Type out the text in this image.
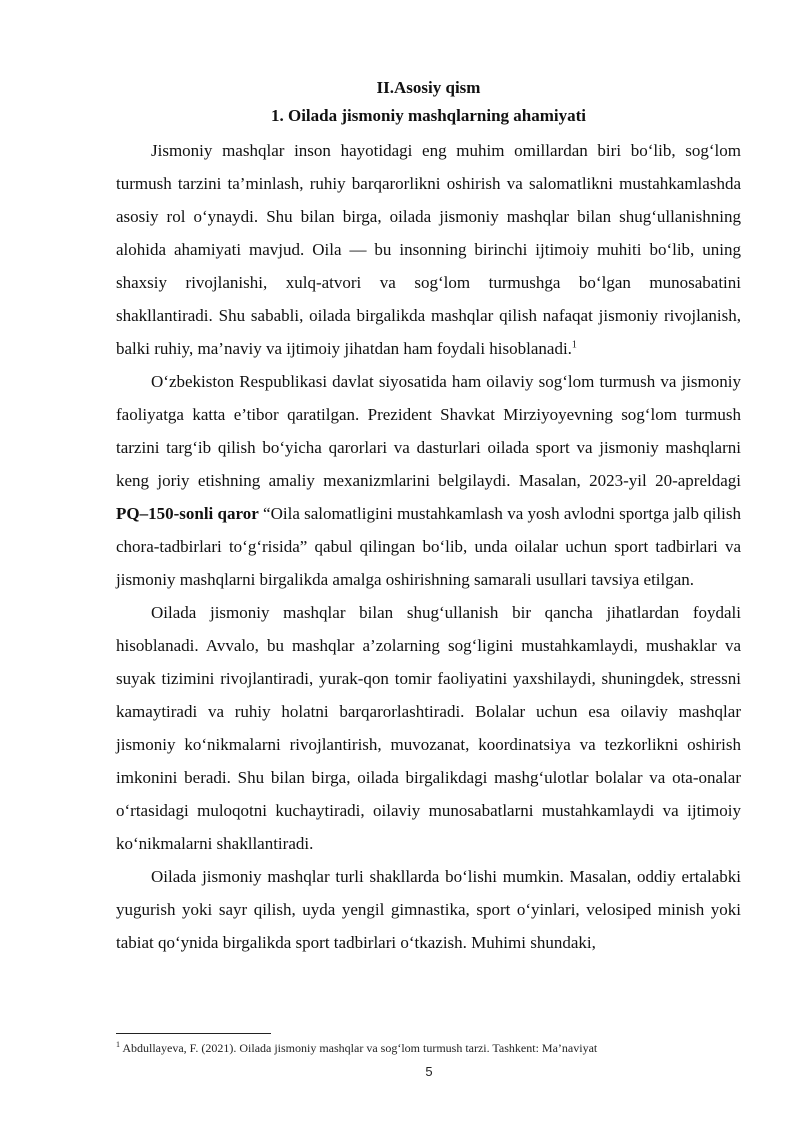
II.Asosiy qism
1. Oilada jismoniy mashqlarning ahamiyati

Jismoniy mashqlar inson hayotidagi eng muhim omillardan biri bo‘lib, sog‘lom turmush tarzini ta’minlash, ruhiy barqarorlikni oshirish va salomatlikni mustahkamlashda asosiy rol o‘ynaydi. Shu bilan birga, oilada jismoniy mashqlar bilan shug‘ullanishning alohida ahamiyati mavjud. Oila — bu insonning birinchi ijtimoiy muhiti bo‘lib, uning shaxsiy rivojlanishi, xulq-atvori va sog‘lom turmushga bo‘lgan munosabatini shakllantiradi. Shu sababli, oilada birgalikda mashqlar qilish nafaqat jismoniy rivojlanish, balki ruhiy, ma’naviy va ijtimoiy jihatdan ham foydali hisoblanadi.$^1$

O‘zbekiston Respublikasi davlat siyosatida ham oilaviy sog‘lom turmush va jismoniy faoliyatga katta e’tibor qaratilgan. Prezident Shavkat Mirziyoyevning sog‘lom turmush tarzini targ‘ib qilish bo‘yicha qarorlari va dasturlari oilada sport va jismoniy mashqlarni keng joriy etishning amaliy mexanizmlarini belgilaydi. Masalan, 2023-yil 20-apreldagi PQ–150-sonli qaror “Oila salomatligini mustahkamlash va yosh avlodni sportga jalb qilish chora-tadbirlari to‘g‘risida” qabul qilingan bo‘lib, unda oilalar uchun sport tadbirlari va jismoniy mashqlarni birgalikda amalga oshirishning samarali usullari tavsiya etilgan.

Oilada jismoniy mashqlar bilan shug‘ullanish bir qancha jihatlardan foydali hisoblanadi. Avvalo, bu mashqlar a’zolarning sog‘ligini mustahkamlaydi, mushaklar va suyak tizimini rivojlantiradi, yurak-qon tomir faoliyatini yaxshilaydi, shuningdek, stressni kamaytiradi va ruhiy holatni barqarorlashtiradi. Bolalar uchun esa oilaviy mashqlar jismoniy ko‘nikmalarni rivojlantirish, muvozanat, koordinatsiya va tezkorlikni oshirish imkonini beradi. Shu bilan birga, oilada birgalikdagi mashg‘ulotlar bolalar va ota-onalar o‘rtasidagi muloqotni kuchaytiradi, oilaviy munosabatlarni mustahkamlaydi va ijtimoiy ko‘nikmalarni shakllantiradi.

Oilada jismoniy mashqlar turli shakllarda bo‘lishi mumkin. Masalan, oddiy ertalabki yugurish yoki sayr qilish, uyda yengil gimnastika, sport o‘yinlari, velosiped minish yoki tabiat qo‘ynida birgalikda sport tadbirlari o‘tkazish. Muhimi shundaki,

$^1$ Abdullayeva, F. (2021). Oilada jismoniy mashqlar va sog‘lom turmush tarzi. Tashkent: Ma’naviyat
5
